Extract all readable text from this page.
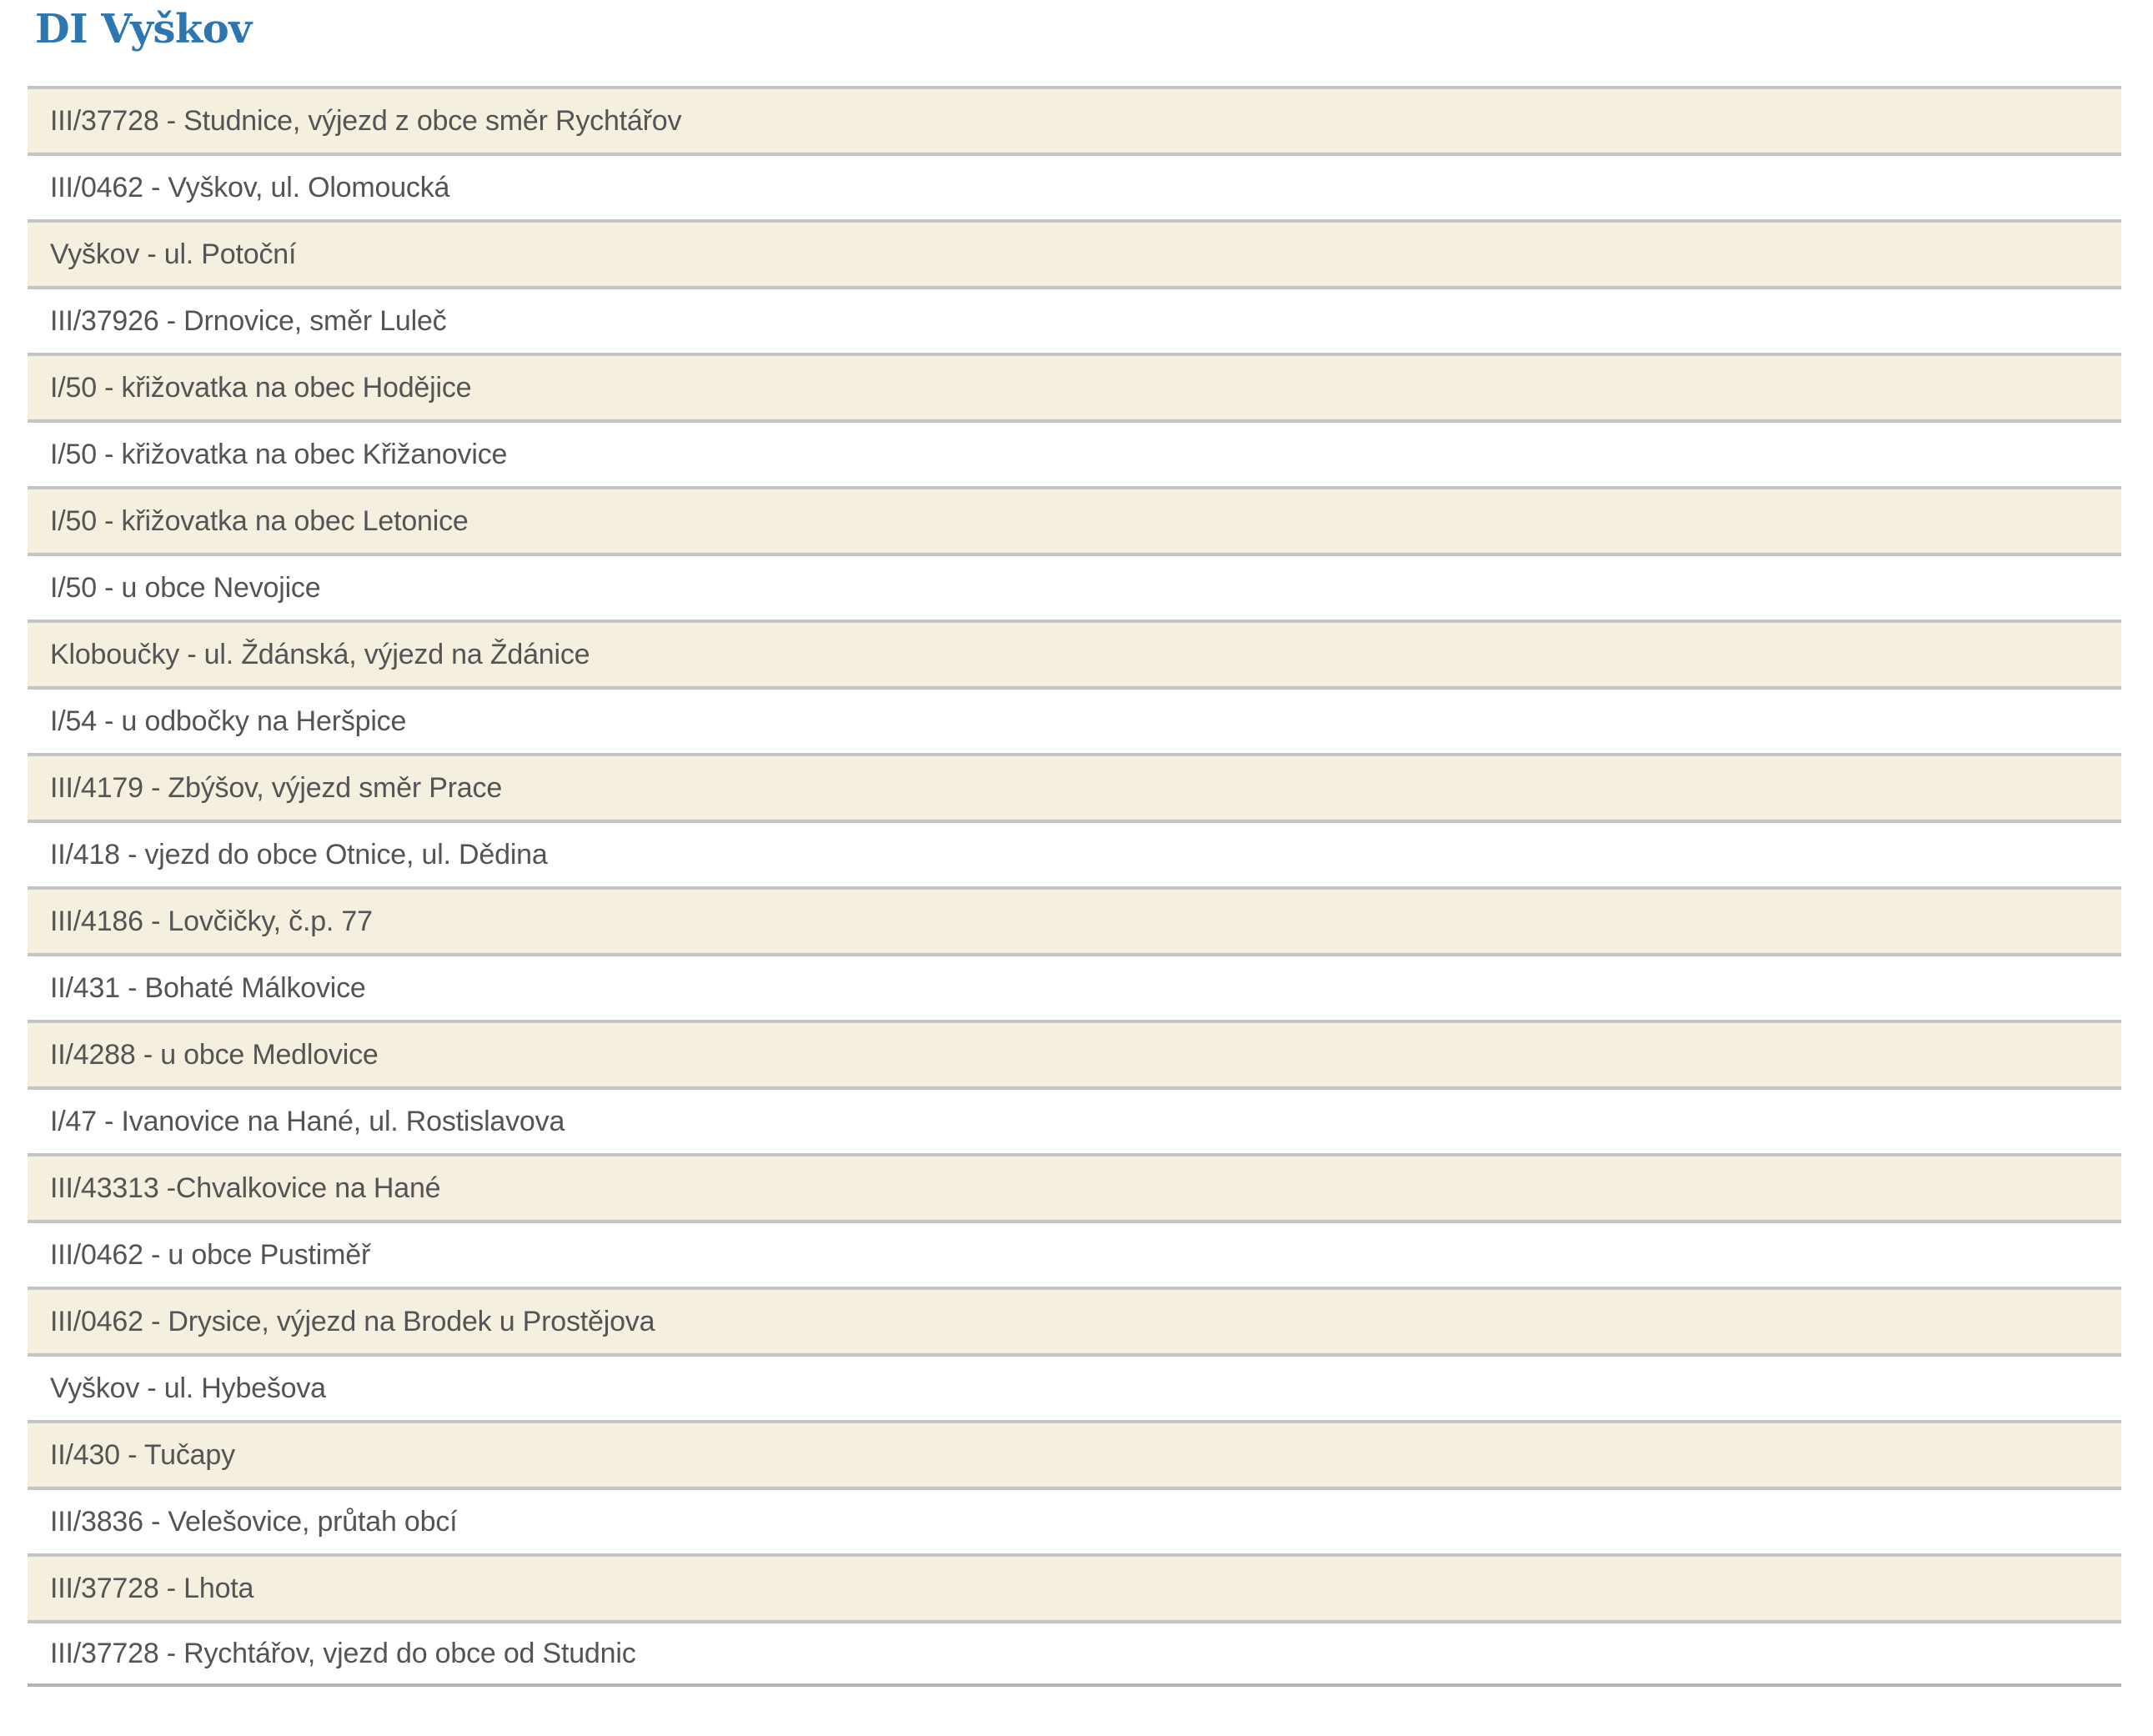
DI Vyškov
III/37728 - Studnice, výjezd z obce směr Rychtářov
III/0462 - Vyškov, ul. Olomoucká
Vyškov - ul. Potoční
III/37926 - Drnovice, směr Luleč
I/50 - křižovatka na obec Hodějice
I/50 - křižovatka na obec Křižanovice
I/50 - křižovatka na obec Letonice
I/50 - u obce Nevojice
Kloboučky - ul. Ždánská, výjezd na Ždánice
I/54 - u odbočky na Heršpice
III/4179 - Zbýšov, výjezd směr Prace
II/418 - vjezd do obce Otnice, ul. Dědina
III/4186 - Lovčičky, č.p. 77
II/431 - Bohaté Málkovice
II/4288 - u obce Medlovice
I/47 - Ivanovice na Hané, ul. Rostislavova
III/43313 -Chvalkovice na Hané
III/0462 - u obce Pustiměř
III/0462 - Drysice, výjezd na Brodek u Prostějova
Vyškov - ul. Hybešova
II/430 - Tučapy
III/3836 - Velešovice, průtah obcí
III/37728 - Lhota
III/37728 - Rychtářov, vjezd do obce od Studnic
